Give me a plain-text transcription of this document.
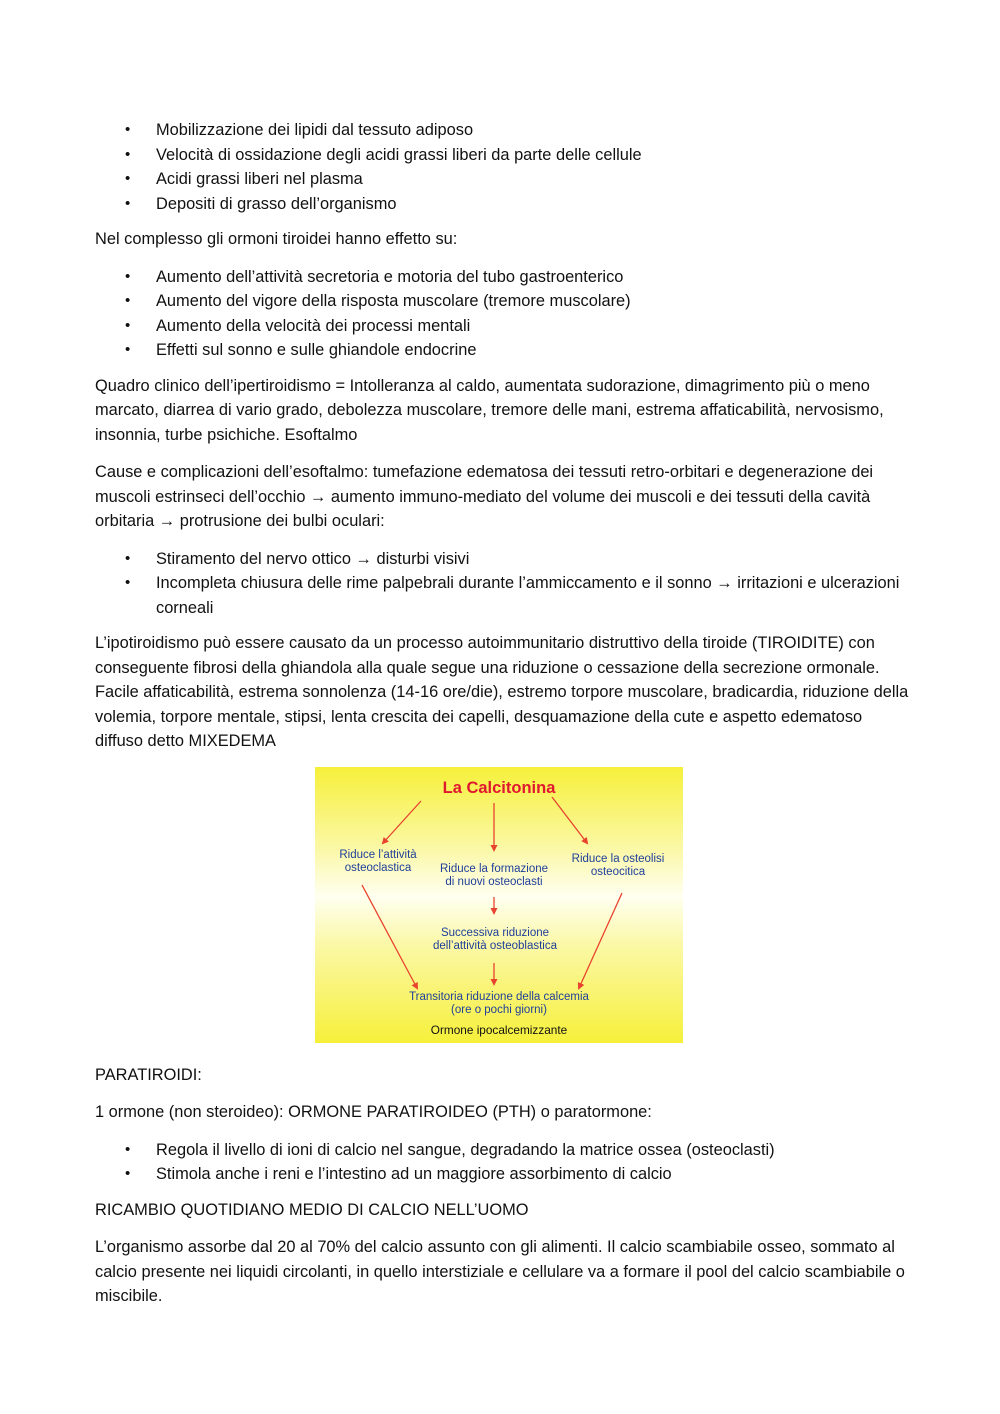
• Mobilizzazione dei lipidi dal tessuto adiposo
• Velocità di ossidazione degli acidi grassi liberi da parte delle cellule
• Acidi grassi liberi nel plasma
• Depositi di grasso dell’organismo

Nel complesso gli ormoni tiroidei hanno effetto su:

• Aumento dell’attività secretoria e motoria del tubo gastroenterico
• Aumento del vigore della risposta muscolare (tremore muscolare)
• Aumento della velocità dei processi mentali
• Effetti sul sonno e sulle ghiandole endocrine

Quadro clinico dell’ipertiroidismo = Intolleranza al caldo, aumentata sudorazione, dimagrimento più o meno marcato, diarrea di vario grado, debolezza muscolare, tremore delle mani, estrema affaticabilità, nervosismo, insonnia, turbe psichiche. Esoftalmo

Cause e complicazioni dell’esoftalmo: tumefazione edematosa dei tessuti retro-orbitari e degenerazione dei muscoli estrinseci dell’occhio → aumento immuno-mediato del volume dei muscoli e dei tessuti della cavità orbitaria → protrusione dei bulbi oculari:

• Stiramento del nervo ottico → disturbi visivi
• Incompleta chiusura delle rime palpebrali durante l’ammiccamento e il sonno → irritazioni e ulcerazioni corneali

L’ipotiroidismo può essere causato da un processo autoimmunitario distruttivo della tiroide (TIROIDITE) con conseguente fibrosi della ghiandola alla quale segue una riduzione o cessazione della secrezione ormonale. Facile affaticabilità, estrema sonnolenza (14-16 ore/die), estremo torpore muscolare, bradicardia, riduzione della volemia, torpore mentale, stipsi, lenta crescita dei capelli, desquamazione della cute e aspetto edematoso diffuso detto MIXEDEMA

La Calcitonina
Riduce l’attività
osteoclastica	Riduce la formazione
di nuovi osteoclasti
Riduce la osteolisi
osteocitica
Successiva riduzione
dell’attività osteoblastica
Transitoria riduzione della calcemia
(ore o pochi giorni)
Ormone ipocalcemizzante

PARATIROIDI:

1 ormone (non steroideo): ORMONE PARATIROIDEO (PTH) o paratormone:

• Regola il livello di ioni di calcio nel sangue, degradando la matrice ossea (osteoclasti)
• Stimola anche i reni e l’intestino ad un maggiore assorbimento di calcio

RICAMBIO QUOTIDIANO MEDIO DI CALCIO NELL’UOMO

L’organismo assorbe dal 20 al 70% del calcio assunto con gli alimenti. Il calcio scambiabile osseo, sommato al calcio presente nei liquidi circolanti, in quello interstiziale e cellulare va a formare il pool del calcio scambiabile o miscibile.
